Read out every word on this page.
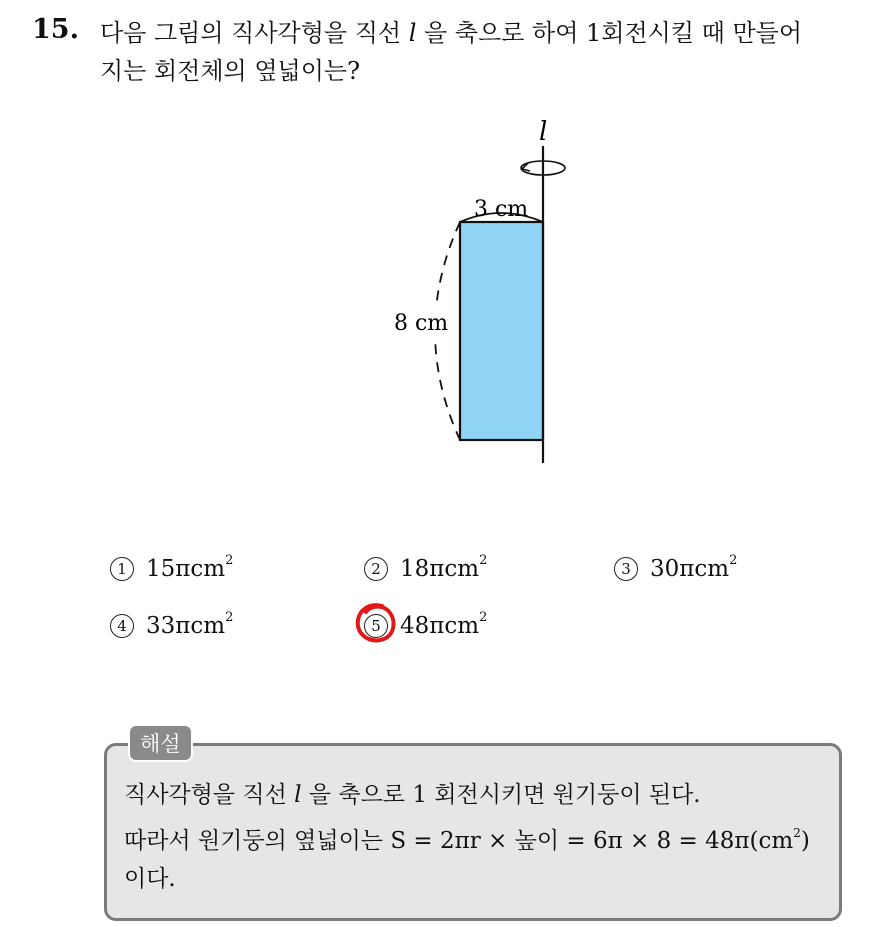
15. 다음 그림의 직사각형을 직선 l 을 축으로 하여 1회전시킬 때 만들어
지는 회전체의 옆넓이는?
l
3 cm
8 cm
1 15πcm$^2$	2 18πcm$^2$	3 30πcm$^2$
4 33πcm$^2$	5 48πcm$^2$
해설
직사각형을 직선 l 을 축으로 1 회전시키면 원기둥이 된다.
따라서 원기둥의 옆넓이는 S = 2πr × 높이 = $6\pi \times 8 = 48\pi(cm^2)$
이다.
